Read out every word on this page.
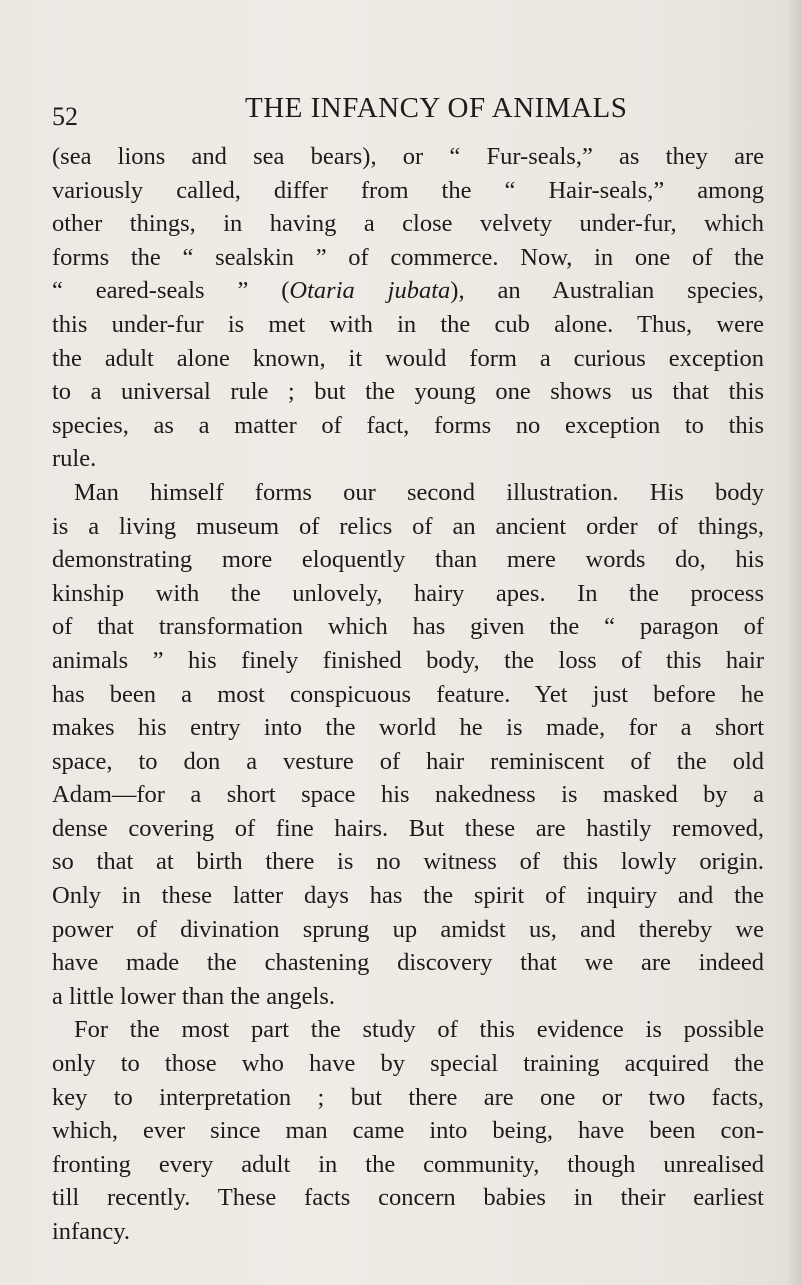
52	THE INFANCY OF ANIMALS
(sea lions and sea bears), or “ Fur-seals,” as they are
variously called, differ from the “ Hair-seals,” among
other things, in having a close velvety under-fur, which
forms the “ sealskin ” of commerce. Now, in one of the
“ eared-seals ” (Otaria jubata), an Australian species,
this under-fur is met with in the cub alone. Thus, were
the adult alone known, it would form a curious exception
to a universal rule ; but the young one shows us that this
species, as a matter of fact, forms no exception to this
rule.
Man himself forms our second illustration. His body
is a living museum of relics of an ancient order of things,
demonstrating more eloquently than mere words do, his
kinship with the unlovely, hairy apes. In the process
of that transformation which has given the “ paragon of
animals ” his finely finished body, the loss of this hair
has been a most conspicuous feature. Yet just before he
makes his entry into the world he is made, for a short
space, to don a vesture of hair reminiscent of the old
Adam—for a short space his nakedness is masked by a
dense covering of fine hairs. But these are hastily removed,
so that at birth there is no witness of this lowly origin.
Only in these latter days has the spirit of inquiry and the
power of divination sprung up amidst us, and thereby we
have made the chastening discovery that we are indeed
a little lower than the angels.
For the most part the study of this evidence is possible
only to those who have by special training acquired the
key to interpretation ; but there are one or two facts,
which, ever since man came into being, have been con-
fronting every adult in the community, though unrealised
till recently. These facts concern babies in their earliest
infancy.
